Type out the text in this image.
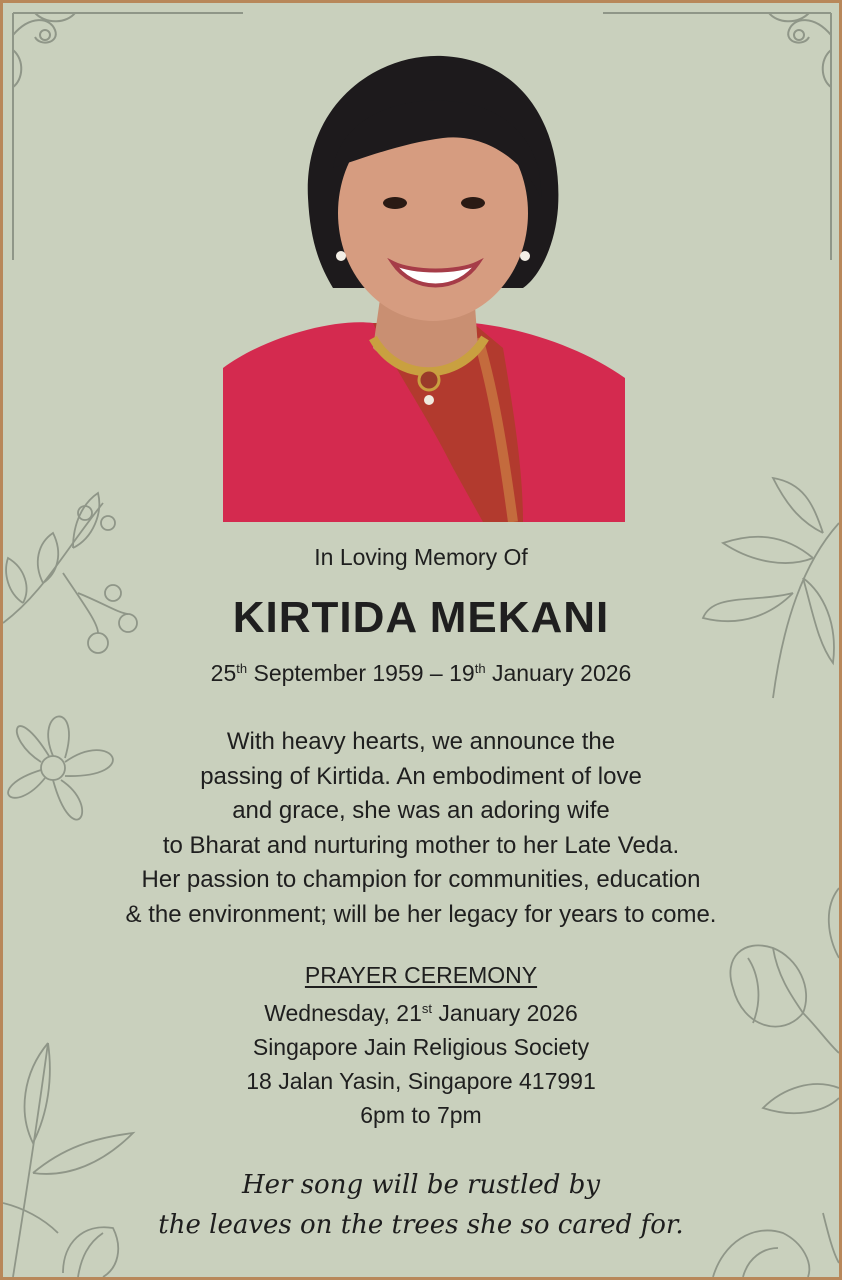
In Loving Memory Of
KIRTIDA MEKANI
25th September 1959 – 19th January 2026
With heavy hearts, we announce the
passing of Kirtida. An embodiment of love
and grace, she was an adoring wife
to Bharat and nurturing mother to her Late Veda.
Her passion to champion for communities, education
& the environment; will be her legacy for years to come.
PRAYER CEREMONY
Wednesday, 21st January 2026
Singapore Jain Religious Society
18 Jalan Yasin, Singapore 417991
6pm to 7pm
Her song will be rustled by
the leaves on the trees she so cared for.
